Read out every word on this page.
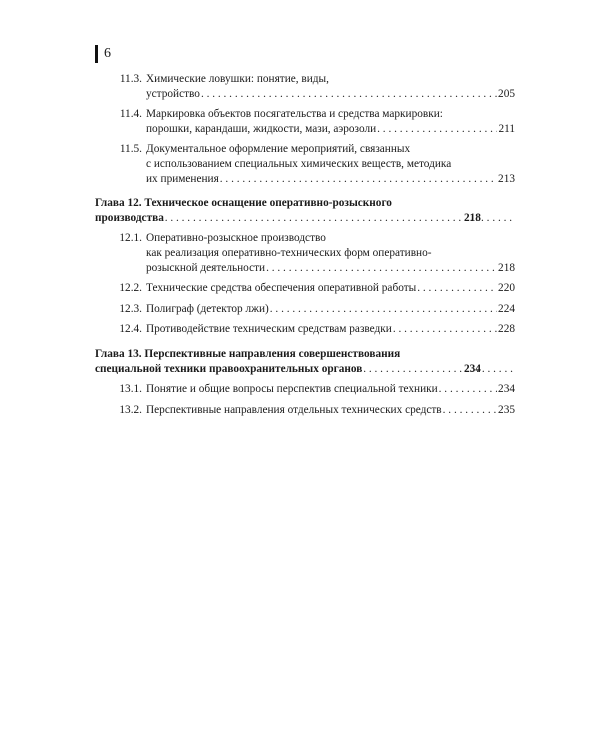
6
11.3. Химические ловушки: понятие, виды,
устройство . . .	205
11.4. Маркировка объектов посягательства и средства маркировки:
порошки, карандаши, жидкости, мази, аэрозоли . . .	211
11.5. Документальное оформление мероприятий, связанных
с использованием специальных химических веществ, методика
их применения . . .	213
Глава 12. Техническое оснащение оперативно-розыскного
производства . . .	218
12.1. Оперативно-розыскное производство
как реализация оперативно-технических форм оперативно-
розыскной деятельности . . .	218
12.2. Технические средства обеспечения оперативной работы . . .	220
12.3. Полиграф (детектор лжи) . . .	224
12.4. Противодействие техническим средствам разведки . . .	228
Глава 13. Перспективные направления совершенствования
специальной техники правоохранительных органов . . .	234
13.1. Понятие и общие вопросы перспектив специальной техники . . .	234
13.2. Перспективные направления отдельных технических средств . . .	235
